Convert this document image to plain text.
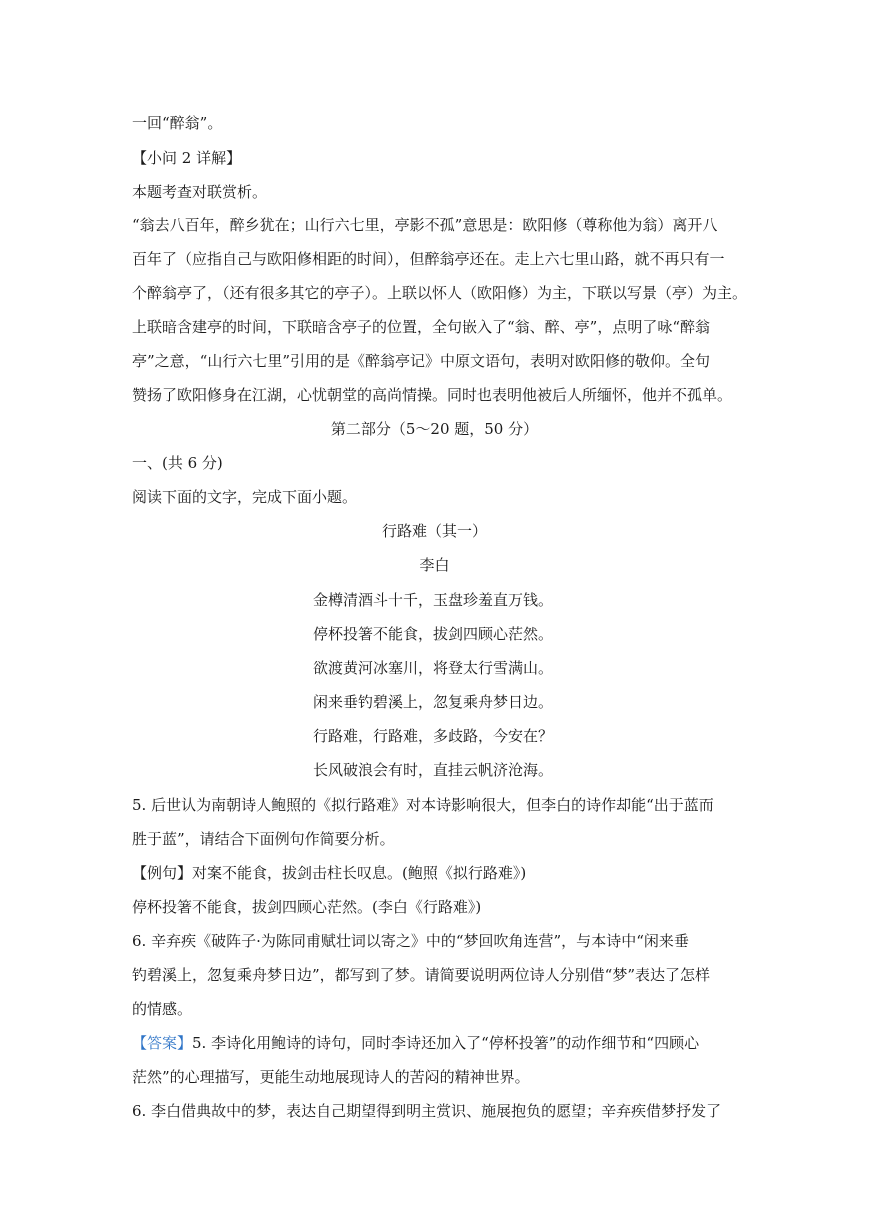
一回“醉翁”。
【小问 2 详解】
本题考查对联赏析。
“翁去八百年，醉乡犹在；山行六七里，亭影不孤”意思是：欧阳修（尊称他为翁）离开八
百年了（应指自己与欧阳修相距的时间），但醉翁亭还在。走上六七里山路，就不再只有一
个醉翁亭了，（还有很多其它的亭子）。上联以怀人（欧阳修）为主，下联以写景（亭）为主。
上联暗含建亭的时间，下联暗含亭子的位置，全句嵌入了“翁、醉、亭”，点明了咏“醉翁
亭”之意，“山行六七里”引用的是《醉翁亭记》中原文语句，表明对欧阳修的敬仰。全句
赞扬了欧阳修身在江湖，心忧朝堂的高尚情操。同时也表明他被后人所缅怀，他并不孤单。
第二部分（5～20 题，50 分）
一、(共 6 分)
阅读下面的文字，完成下面小题。
行路难（其一）
李白
金樽清酒斗十千，玉盘珍羞直万钱。
停杯投箸不能食，拔剑四顾心茫然。
欲渡黄河冰塞川，将登太行雪满山。
闲来垂钓碧溪上，忽复乘舟梦日边。
行路难，行路难，多歧路，今安在？
长风破浪会有时，直挂云帆济沧海。
5. 后世认为南朝诗人鲍照的《拟行路难》对本诗影响很大，但李白的诗作却能“出于蓝而
胜于蓝”，请结合下面例句作简要分析。
【例句】对案不能食，拔剑击柱长叹息。(鲍照《拟行路难》)
停杯投箸不能食，拔剑四顾心茫然。(李白《行路难》)
6. 辛弃疾《破阵子·为陈同甫赋壮词以寄之》中的“梦回吹角连营”，与本诗中“闲来垂
钓碧溪上，忽复乘舟梦日边”，都写到了梦。请简要说明两位诗人分别借“梦”表达了怎样
的情感。
【答案】5. 李诗化用鲍诗的诗句，同时李诗还加入了“停杯投箸”的动作细节和“四顾心
茫然”的心理描写，更能生动地展现诗人的苦闷的精神世界。
6. 李白借典故中的梦，表达自己期望得到明主赏识、施展抱负的愿望；辛弃疾借梦抒发了
